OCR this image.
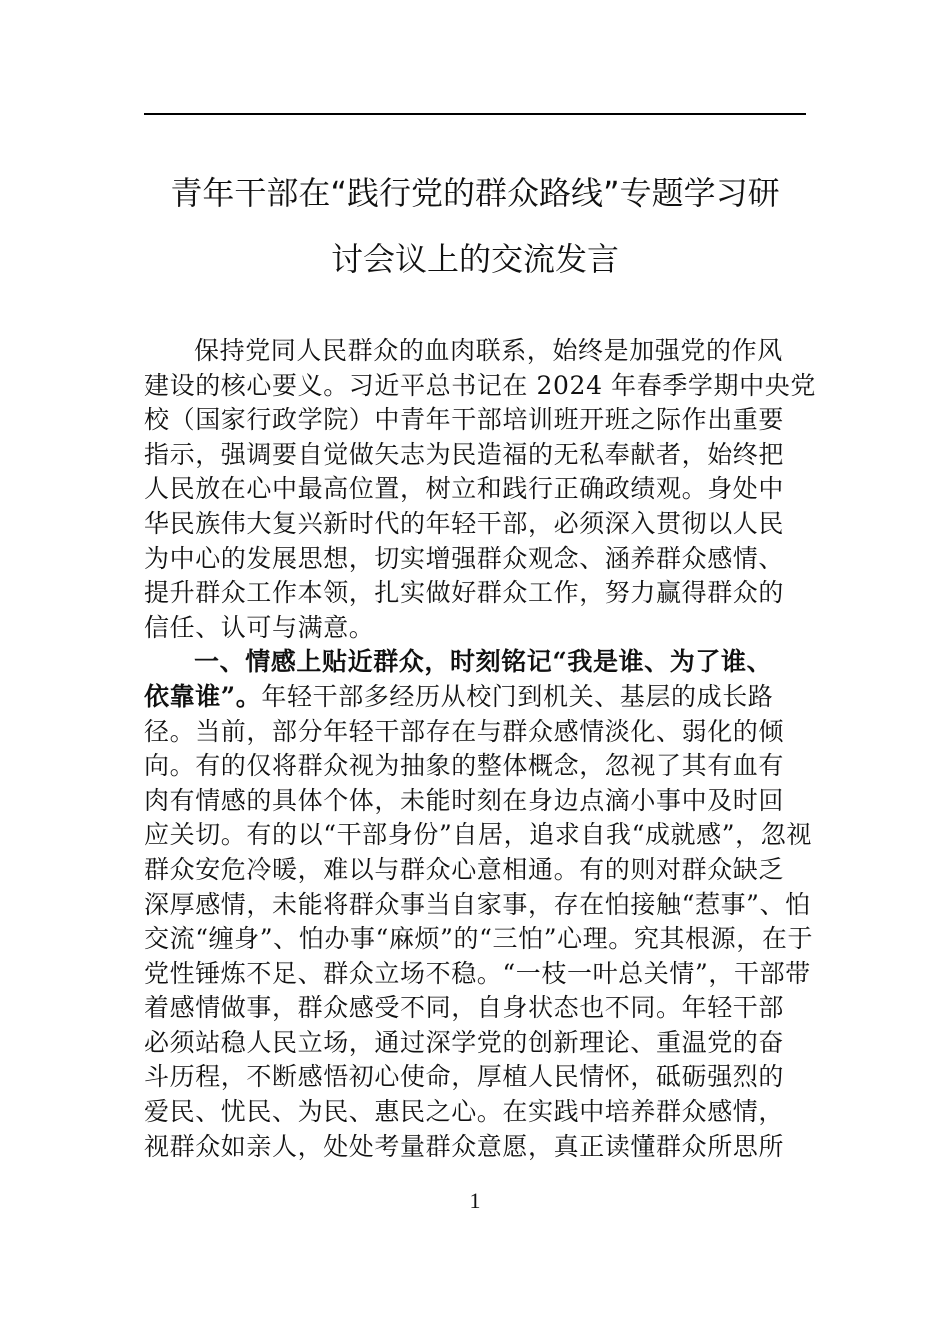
青年干部在“践行党的群众路线”专题学习研
讨会议上的交流发言
保持党同人民群众的血肉联系，始终是加强党的作风
建设的核心要义。习近平总书记在 2024 年春季学期中央党
校（国家行政学院）中青年干部培训班开班之际作出重要
指示，强调要自觉做矢志为民造福的无私奉献者，始终把
人民放在心中最高位置，树立和践行正确政绩观。身处中
华民族伟大复兴新时代的年轻干部，必须深入贯彻以人民
为中心的发展思想，切实增强群众观念、涵养群众感情、
提升群众工作本领，扎实做好群众工作，努力赢得群众的
信任、认可与满意。
一、情感上贴近群众，时刻铭记“我是谁、为了谁、
依靠谁”。年轻干部多经历从校门到机关、基层的成长路
径。当前，部分年轻干部存在与群众感情淡化、弱化的倾
向。有的仅将群众视为抽象的整体概念，忽视了其有血有
肉有情感的具体个体，未能时刻在身边点滴小事中及时回
应关切。有的以“干部身份”自居，追求自我“成就感”，忽视
群众安危冷暖，难以与群众心意相通。有的则对群众缺乏
深厚感情，未能将群众事当自家事，存在怕接触“惹事”、怕
交流“缠身”、怕办事“麻烦”的“三怕”心理。究其根源，在于
党性锤炼不足、群众立场不稳。“一枝一叶总关情”，干部带
着感情做事，群众感受不同，自身状态也不同。年轻干部
必须站稳人民立场，通过深学党的创新理论、重温党的奋
斗历程，不断感悟初心使命，厚植人民情怀，砥砺强烈的
爱民、忧民、为民、惠民之心。在实践中培养群众感情，
视群众如亲人，处处考量群众意愿，真正读懂群众所思所
1
